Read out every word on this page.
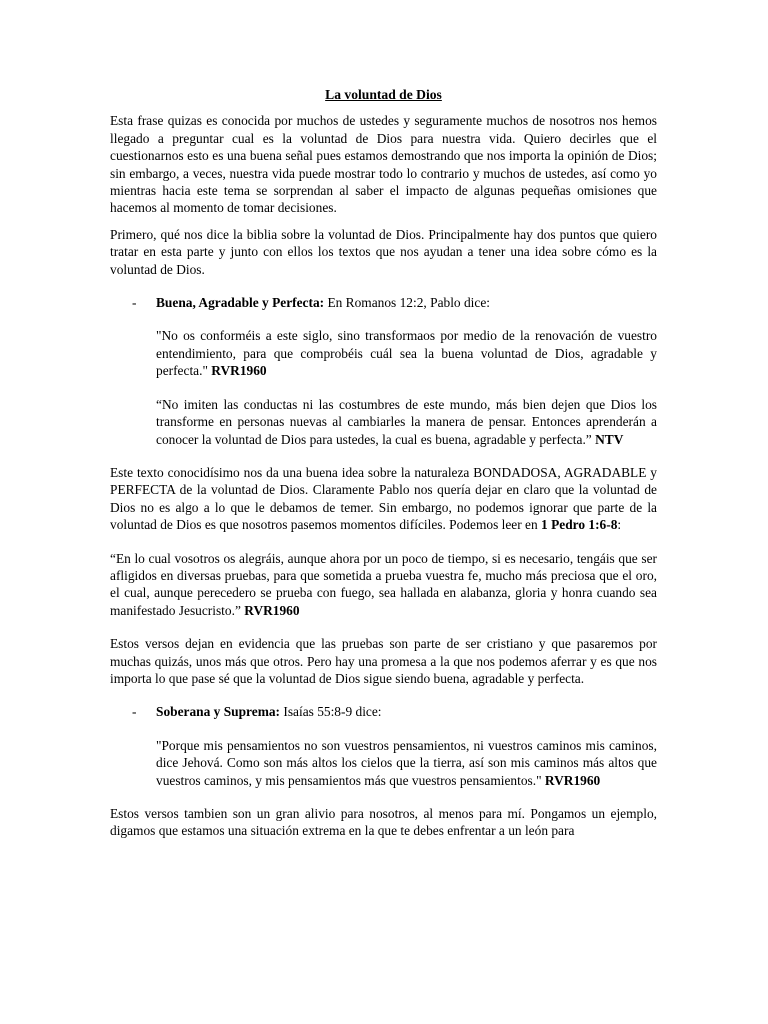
La voluntad de Dios

Esta frase quizas es conocida por muchos de ustedes y seguramente muchos de nosotros nos hemos llegado a preguntar cual es la voluntad de Dios para nuestra vida. Quiero decirles que el cuestionarnos esto es una buena señal pues estamos demostrando que nos importa la opinión de Dios; sin embargo, a veces, nuestra vida puede mostrar todo lo contrario y muchos de ustedes, así como yo mientras hacia este tema se sorprendan al saber el impacto de algunas pequeñas omisiones que hacemos al momento de tomar decisiones.

Primero, qué nos dice la biblia sobre la voluntad de Dios. Principalmente hay dos puntos que quiero tratar en esta parte y junto con ellos los textos que nos ayudan a tener una idea sobre cómo es la voluntad de Dios.

- Buena, Agradable y Perfecta: En Romanos 12:2, Pablo dice:

"No os conforméis a este siglo, sino transformaos por medio de la renovación de vuestro entendimiento, para que comprobéis cuál sea la buena voluntad de Dios, agradable y perfecta." RVR1960

“No imiten las conductas ni las costumbres de este mundo, más bien dejen que Dios los transforme en personas nuevas al cambiarles la manera de pensar. Entonces aprenderán a conocer la voluntad de Dios para ustedes, la cual es buena, agradable y perfecta.” NTV

Este texto conocidísimo nos da una buena idea sobre la naturaleza BONDADOSA, AGRADABLE y PERFECTA de la voluntad de Dios. Claramente Pablo nos quería dejar en claro que la voluntad de Dios no es algo a lo que le debamos de temer. Sin embargo, no podemos ignorar que parte de la voluntad de Dios es que nosotros pasemos momentos difíciles. Podemos leer en 1 Pedro 1:6-8:

“En lo cual vosotros os alegráis, aunque ahora por un poco de tiempo, si es necesario, tengáis que ser afligidos en diversas pruebas, para que sometida a prueba vuestra fe, mucho más preciosa que el oro, el cual, aunque perecedero se prueba con fuego, sea hallada en alabanza, gloria y honra cuando sea manifestado Jesucristo.” RVR1960

Estos versos dejan en evidencia que las pruebas son parte de ser cristiano y que pasaremos por muchas quizás, unos más que otros. Pero hay una promesa a la que nos podemos aferrar y es que nos importa lo que pase sé que la voluntad de Dios sigue siendo buena, agradable y perfecta.

- Soberana y Suprema: Isaías 55:8-9 dice:

"Porque mis pensamientos no son vuestros pensamientos, ni vuestros caminos mis caminos, dice Jehová. Como son más altos los cielos que la tierra, así son mis caminos más altos que vuestros caminos, y mis pensamientos más que vuestros pensamientos." RVR1960

Estos versos tambien son un gran alivio para nosotros, al menos para mí. Pongamos un ejemplo, digamos que estamos una situación extrema en la que te debes enfrentar a un león para
